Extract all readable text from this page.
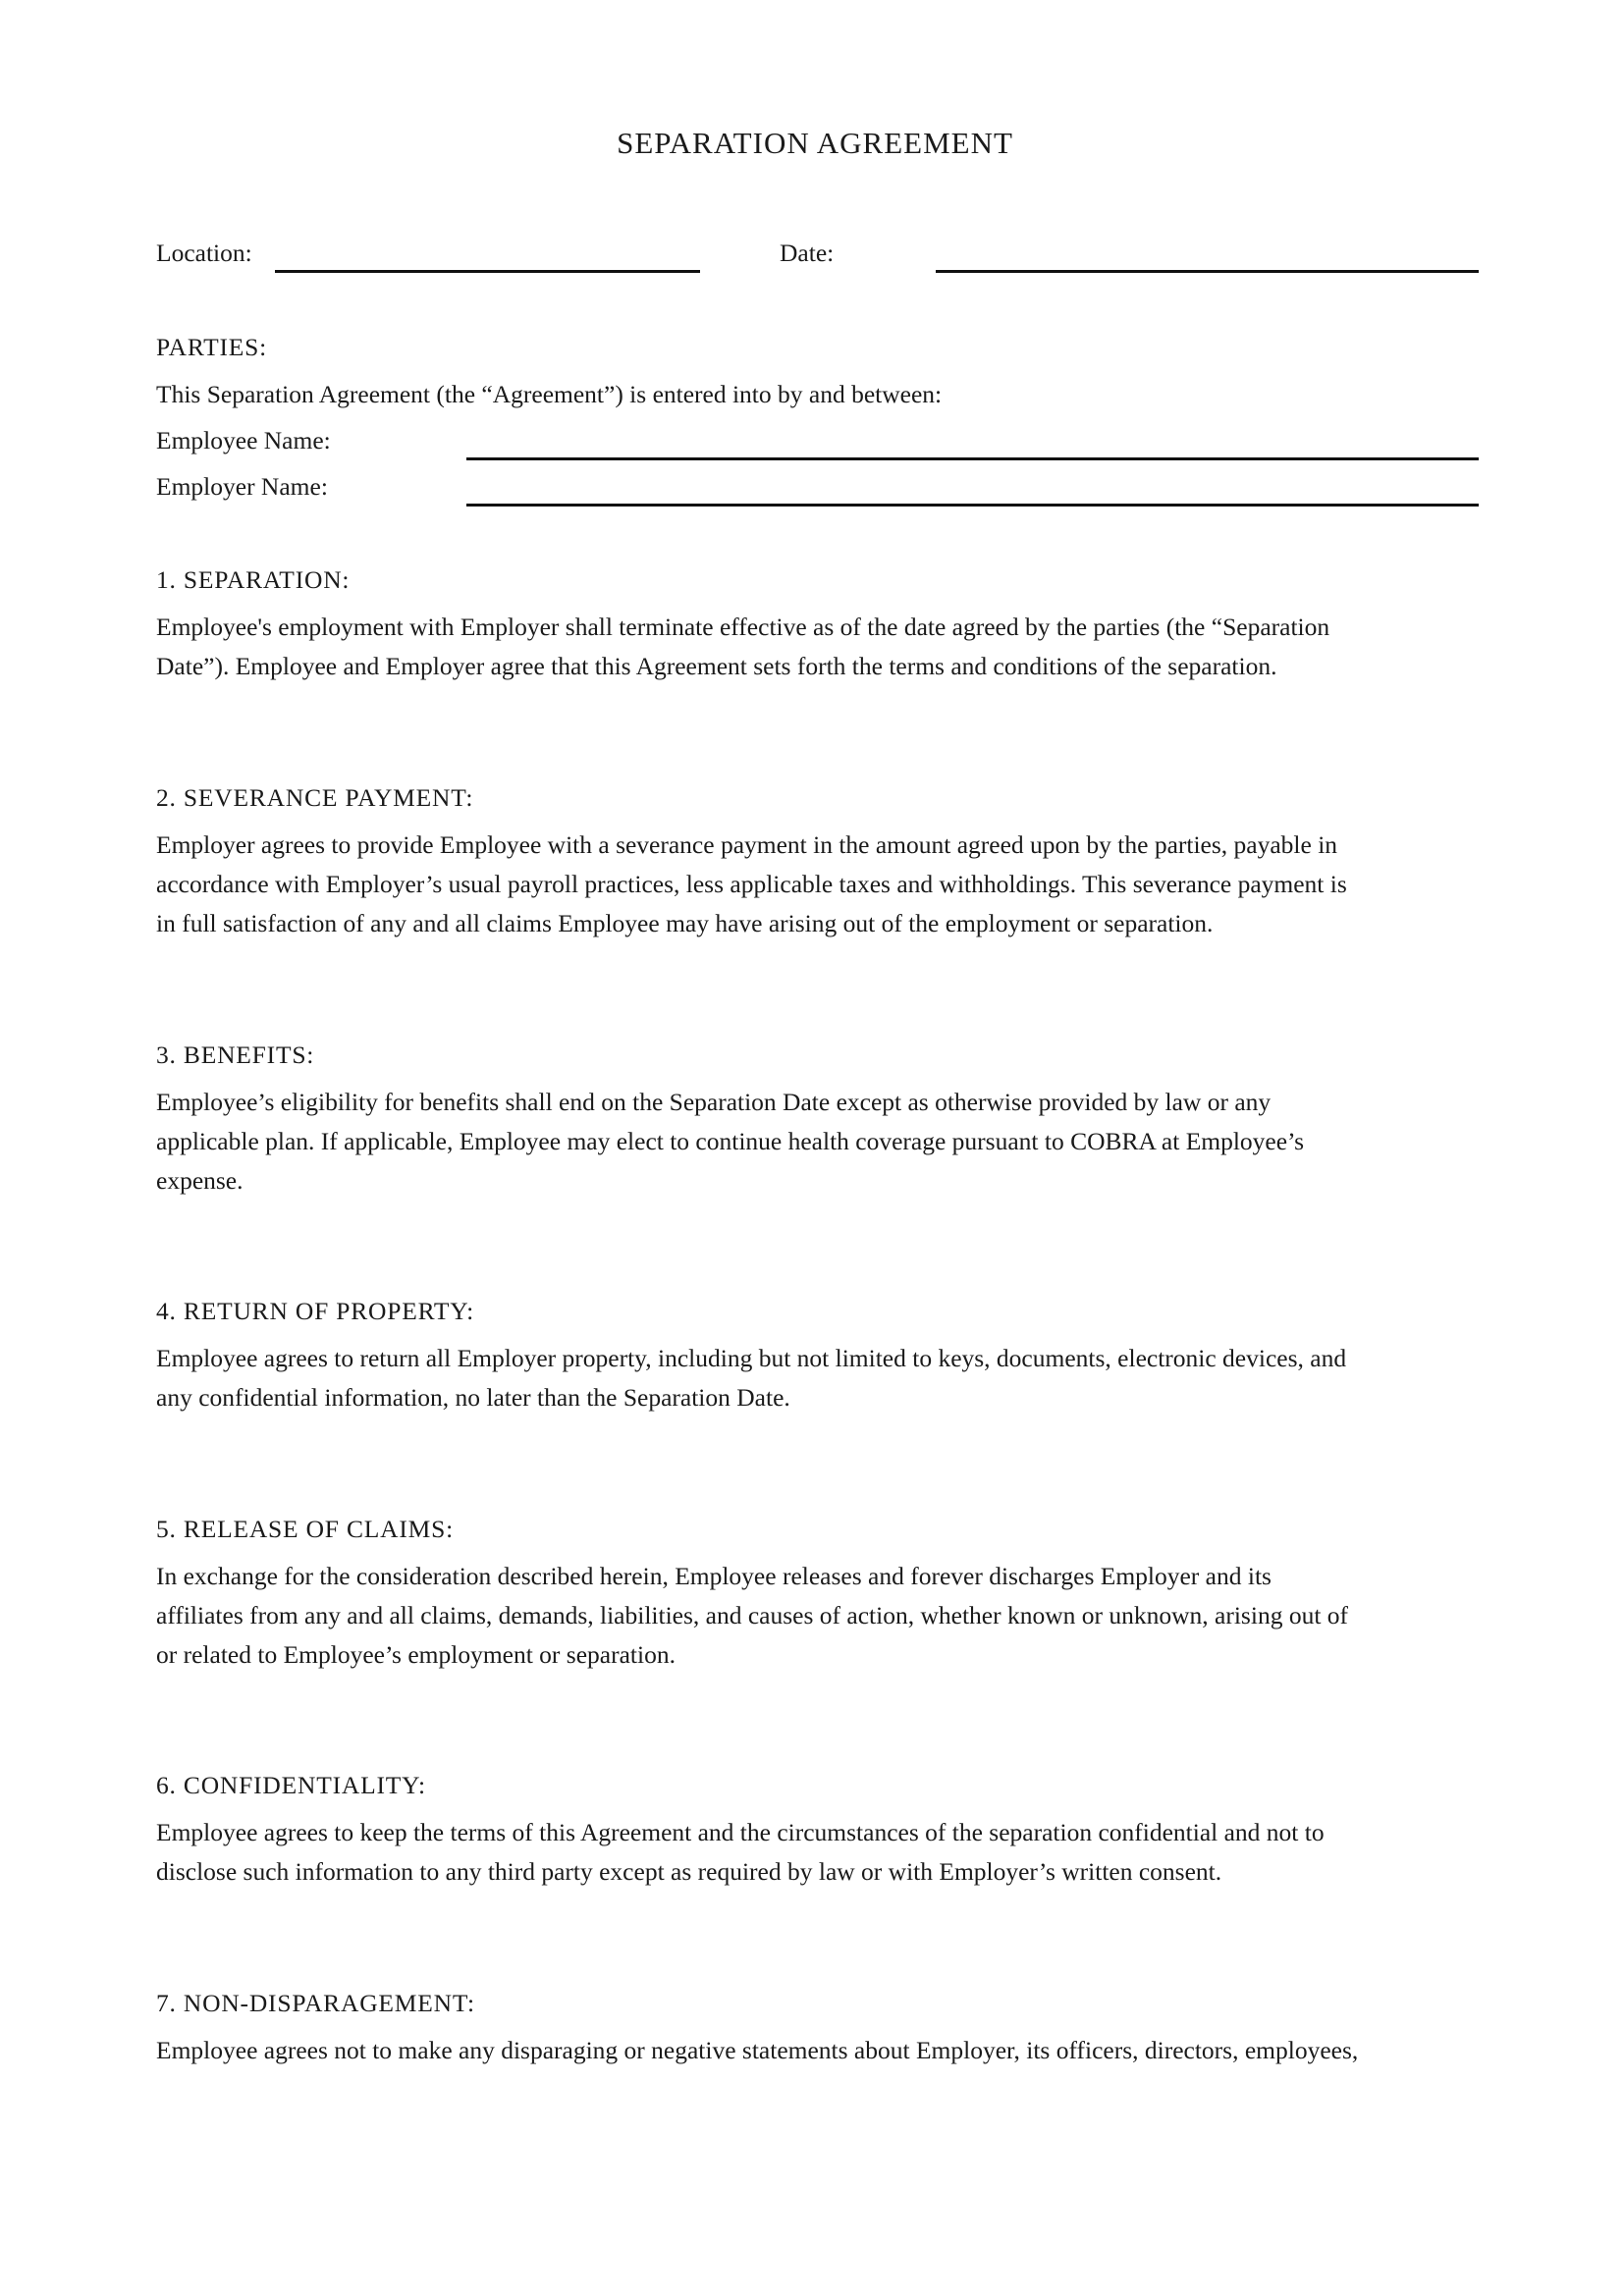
SEPARATION AGREEMENT
Location:	Date:
PARTIES:
This Separation Agreement (the “Agreement”) is entered into by and between:
Employee Name:
Employer Name:
1. SEPARATION:
Employee's employment with Employer shall terminate effective as of the date agreed by the parties (the “Separation
Date”). Employee and Employer agree that this Agreement sets forth the terms and conditions of the separation.
2. SEVERANCE PAYMENT:
Employer agrees to provide Employee with a severance payment in the amount agreed upon by the parties, payable in
accordance with Employer’s usual payroll practices, less applicable taxes and withholdings. This severance payment is
in full satisfaction of any and all claims Employee may have arising out of the employment or separation.
3. BENEFITS:
Employee’s eligibility for benefits shall end on the Separation Date except as otherwise provided by law or any
applicable plan. If applicable, Employee may elect to continue health coverage pursuant to COBRA at Employee’s
expense.
4. RETURN OF PROPERTY:
Employee agrees to return all Employer property, including but not limited to keys, documents, electronic devices, and
any confidential information, no later than the Separation Date.
5. RELEASE OF CLAIMS:
In exchange for the consideration described herein, Employee releases and forever discharges Employer and its
affiliates from any and all claims, demands, liabilities, and causes of action, whether known or unknown, arising out of
or related to Employee’s employment or separation.
6. CONFIDENTIALITY:
Employee agrees to keep the terms of this Agreement and the circumstances of the separation confidential and not to
disclose such information to any third party except as required by law or with Employer’s written consent.
7. NON-DISPARAGEMENT:
Employee agrees not to make any disparaging or negative statements about Employer, its officers, directors, employees,
